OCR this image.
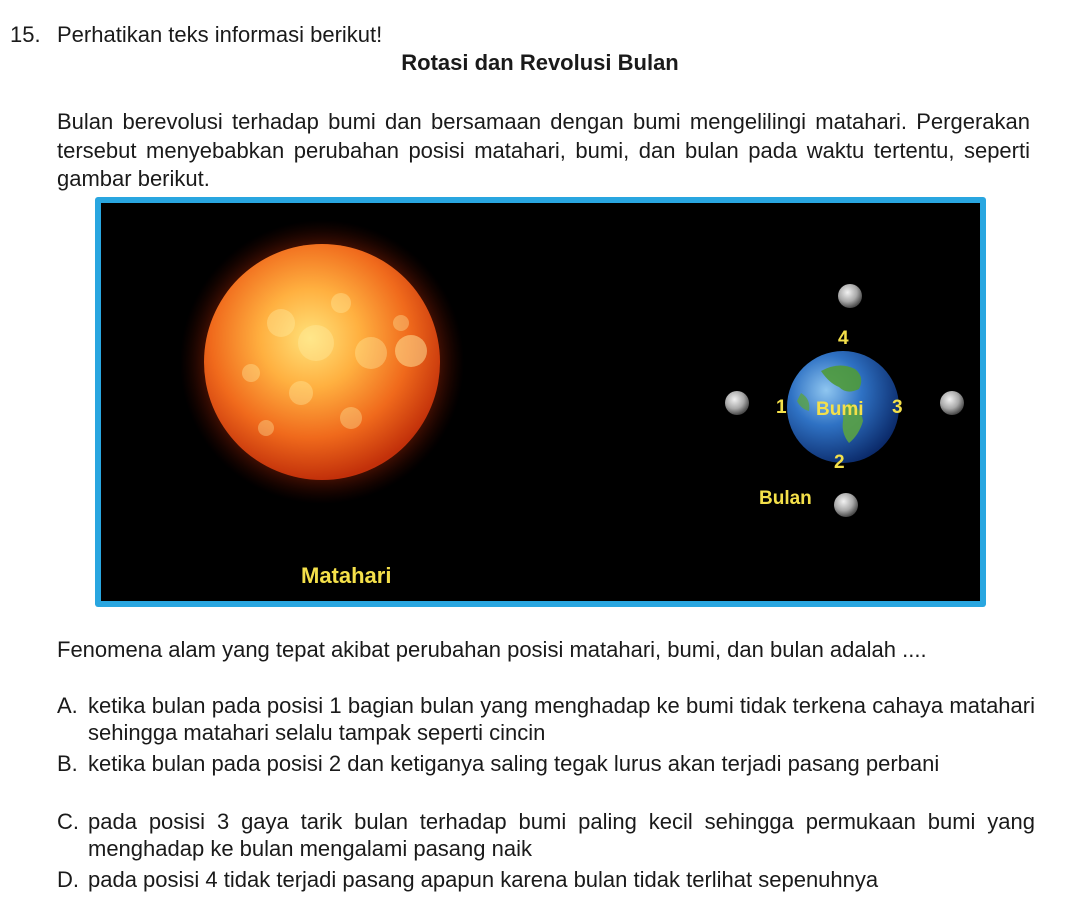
15. Perhatikan teks informasi berikut!
Rotasi dan Revolusi Bulan

Bulan berevolusi terhadap bumi dan bersamaan dengan bumi mengelilingi matahari. Pergerakan tersebut menyebabkan perubahan posisi matahari, bumi, dan bulan pada waktu tertentu, seperti gambar berikut.

Matahari
Bumi
4
1	3
2
Bulan

Fenomena alam yang tepat akibat perubahan posisi matahari, bumi, dan bulan adalah ....

A. ketika bulan pada posisi 1 bagian bulan yang menghadap ke bumi tidak terkena cahaya matahari sehingga matahari selalu tampak seperti cincin
B. ketika bulan pada posisi 2 dan ketiganya saling tegak lurus akan terjadi pasang perbani
C. pada posisi 3 gaya tarik bulan terhadap bumi paling kecil sehingga permukaan bumi yang menghadap ke bulan mengalami pasang naik
D. pada posisi 4 tidak terjadi pasang apapun karena bulan tidak terlihat sepenuhnya
